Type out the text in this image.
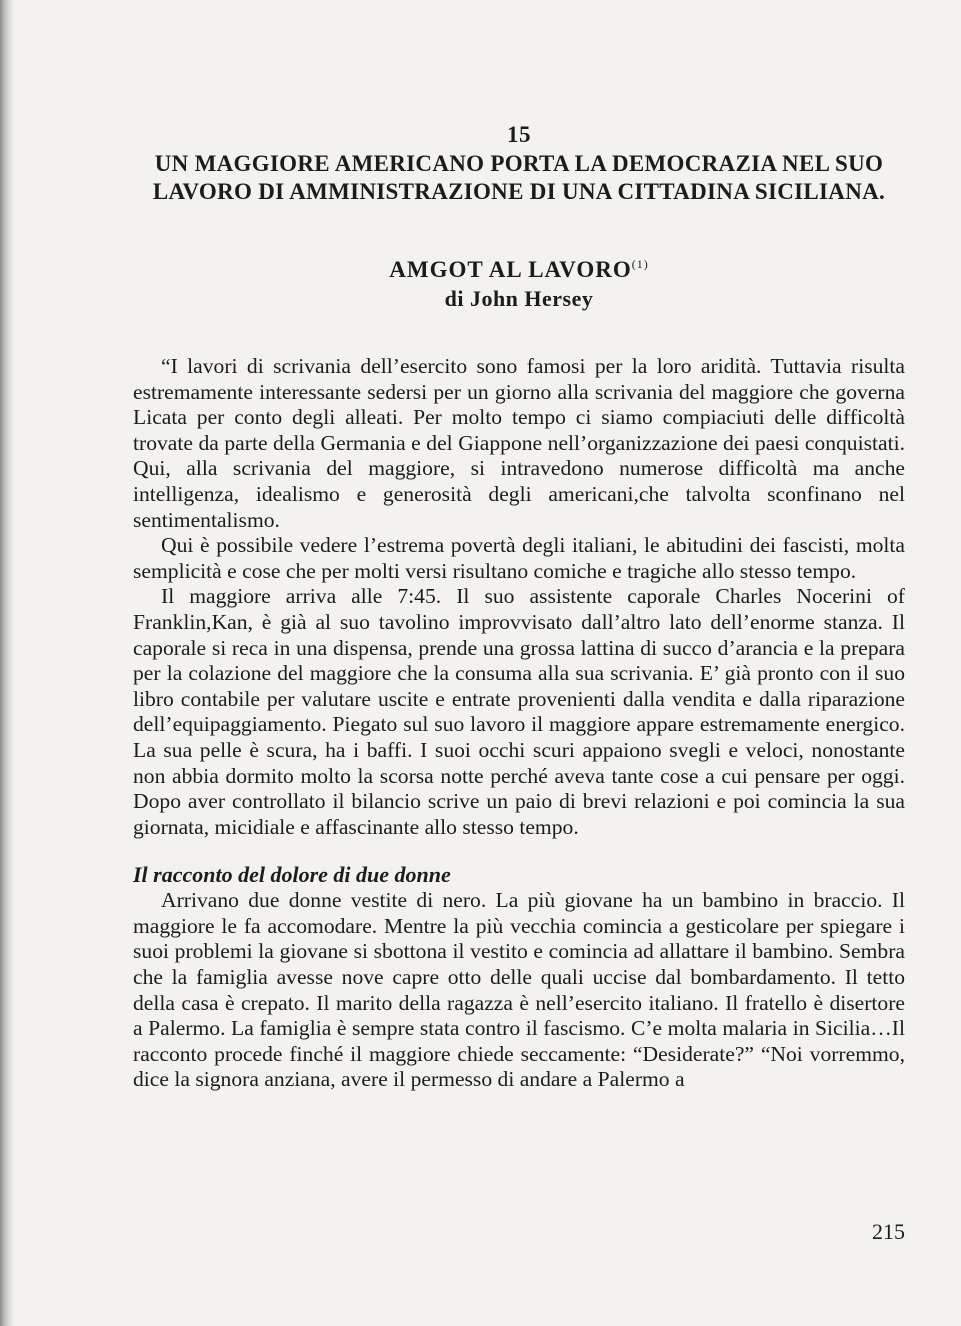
15
UN MAGGIORE AMERICANO PORTA LA DEMOCRAZIA NEL SUO LAVORO DI AMMINISTRAZIONE DI UNA CITTADINA SICILIANA.
AMGOT AL LAVORO$^{(1)}$
di John Hersey

“I lavori di scrivania dell’esercito sono famosi per la loro aridità. Tuttavia risulta estremamente interessante sedersi per un giorno alla scrivania del maggiore che governa Licata per conto degli alleati. Per molto tempo ci siamo compiaciuti delle difficoltà trovate da parte della Germania e del Giappone nell’organizzazione dei paesi conquistati. Qui, alla scrivania del maggiore, si intravedono numerose difficoltà ma anche intelligenza, idealismo e generosità degli americani,che talvolta sconfinano nel sentimentalismo.

Qui è possibile vedere l’estrema povertà degli italiani, le abitudini dei fascisti, molta semplicità e cose che per molti versi risultano comiche e tragiche allo stesso tempo.

Il maggiore arriva alle 7:45. Il suo assistente caporale Charles Nocerini of Franklin,Kan, è già al suo tavolino improvvisato dall’altro lato dell’enorme stanza. Il caporale si reca in una dispensa, prende una grossa lattina di succo d’arancia e la prepara per la colazione del maggiore che la consuma alla sua scrivania. E’ già pronto con il suo libro contabile per valutare uscite e entrate provenienti dalla vendita e dalla riparazione dell’equipaggiamento. Piegato sul suo lavoro il maggiore appare estremamente energico. La sua pelle è scura, ha i baffi. I suoi occhi scuri appaiono svegli e veloci, nonostante non abbia dormito molto la scorsa notte perché aveva tante cose a cui pensare per oggi. Dopo aver controllato il bilancio scrive un paio di brevi relazioni e poi comincia la sua giornata, micidiale e affascinante allo stesso tempo.

Il racconto del dolore di due donne

Arrivano due donne vestite di nero. La più giovane ha un bambino in braccio. Il maggiore le fa accomodare. Mentre la più vecchia comincia a gesticolare per spiegare i suoi problemi la giovane si sbottona il vestito e comincia ad allattare il bambino. Sembra che la famiglia avesse nove capre otto delle quali uccise dal bombardamento. Il tetto della casa è crepato. Il marito della ragazza è nell’esercito italiano. Il fratello è disertore a Palermo. La famiglia è sempre stata contro il fascismo. C’e molta malaria in Sicilia…Il racconto procede finché il maggiore chiede seccamente: “Desiderate?” “Noi vorremmo, dice la signora anziana, avere il permesso di andare a Palermo a

215
